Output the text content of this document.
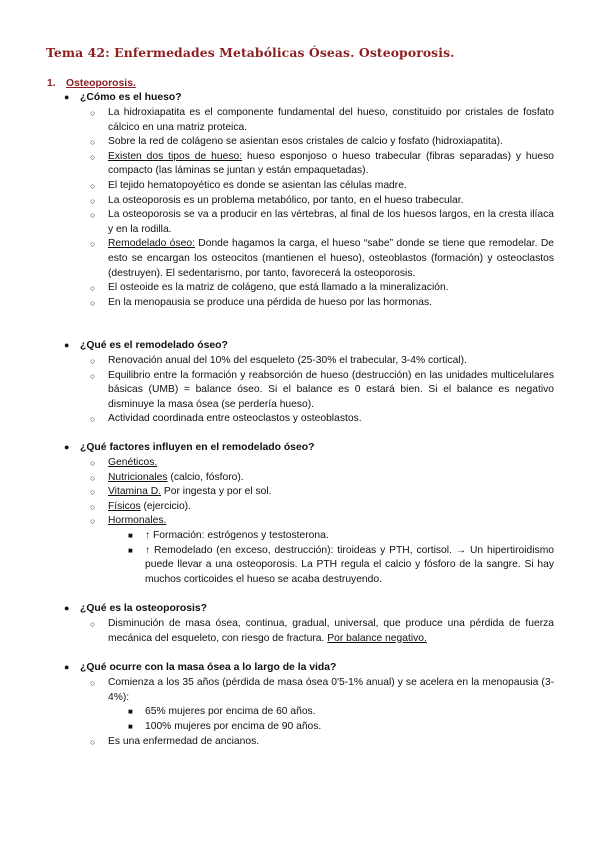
Tema 42: Enfermedades Metabólicas Óseas. Osteoporosis.
1. Osteoporosis.
● ¿Cómo es el hueso?
○ La hidroxiapatita es el componente fundamental del hueso, constituido por cristales de fosfato cálcico en una matriz proteica.
○ Sobre la red de colágeno se asientan esos cristales de calcio y fosfato (hidroxiapatita).
○ Existen dos tipos de hueso: hueso esponjoso o hueso trabecular (fibras separadas) y hueso compacto (las láminas se juntan y están empaquetadas).
○ El tejido hematopoyético es donde se asientan las células madre.
○ La osteoporosis es un problema metabólico, por tanto, en el hueso trabecular.
○ La osteoporosis se va a producir en las vértebras, al final de los huesos largos, en la cresta ilíaca y en la rodilla.
○ Remodelado óseo: Donde hagamos la carga, el hueso “sabe” donde se tiene que remodelar. De esto se encargan los osteocitos (mantienen el hueso), osteoblastos (formación) y osteoclastos (destruyen). El sedentarismo, por tanto, favorecerá la osteoporosis.
○ El osteoide es la matriz de colágeno, que está llamado a la mineralización.
○ En la menopausia se produce una pérdida de hueso por las hormonas.
● ¿Qué es el remodelado óseo?
○ Renovación anual del 10% del esqueleto (25-30% el trabecular, 3-4% cortical).
○ Equilibrio entre la formación y reabsorción de hueso (destrucción) en las unidades multicelulares básicas (UMB) = balance óseo. Si el balance es 0 estará bien. Si el balance es negativo disminuye la masa ósea (se perdería hueso).
○ Actividad coordinada entre osteoclastos y osteoblastos.
● ¿Qué factores influyen en el remodelado óseo?
○ Genéticos.
○ Nutricionales (calcio, fósforo).
○ Vitamina D. Por ingesta y por el sol.
○ Físicos (ejercicio).
○ Hormonales.
■ ↑ Formación: estrógenos y testosterona.
■ ↑ Remodelado (en exceso, destrucción): tiroideas y PTH, cortisol. → Un hipertiroidismo puede llevar a una osteoporosis. La PTH regula el calcio y fósforo de la sangre. Si hay muchos corticoides el hueso se acaba destruyendo.
● ¿Qué es la osteoporosis?
○ Disminución de masa ósea, continua, gradual, universal, que produce una pérdida de fuerza mecánica del esqueleto, con riesgo de fractura. Por balance negativo.
● ¿Qué ocurre con la masa ósea a lo largo de la vida?
○ Comienza a los 35 años (pérdida de masa ósea 0'5-1% anual) y se acelera en la menopausia (3-4%):
■ 65% mujeres por encima de 60 años.
■ 100% mujeres por encima de 90 años.
○ Es una enfermedad de ancianos.
